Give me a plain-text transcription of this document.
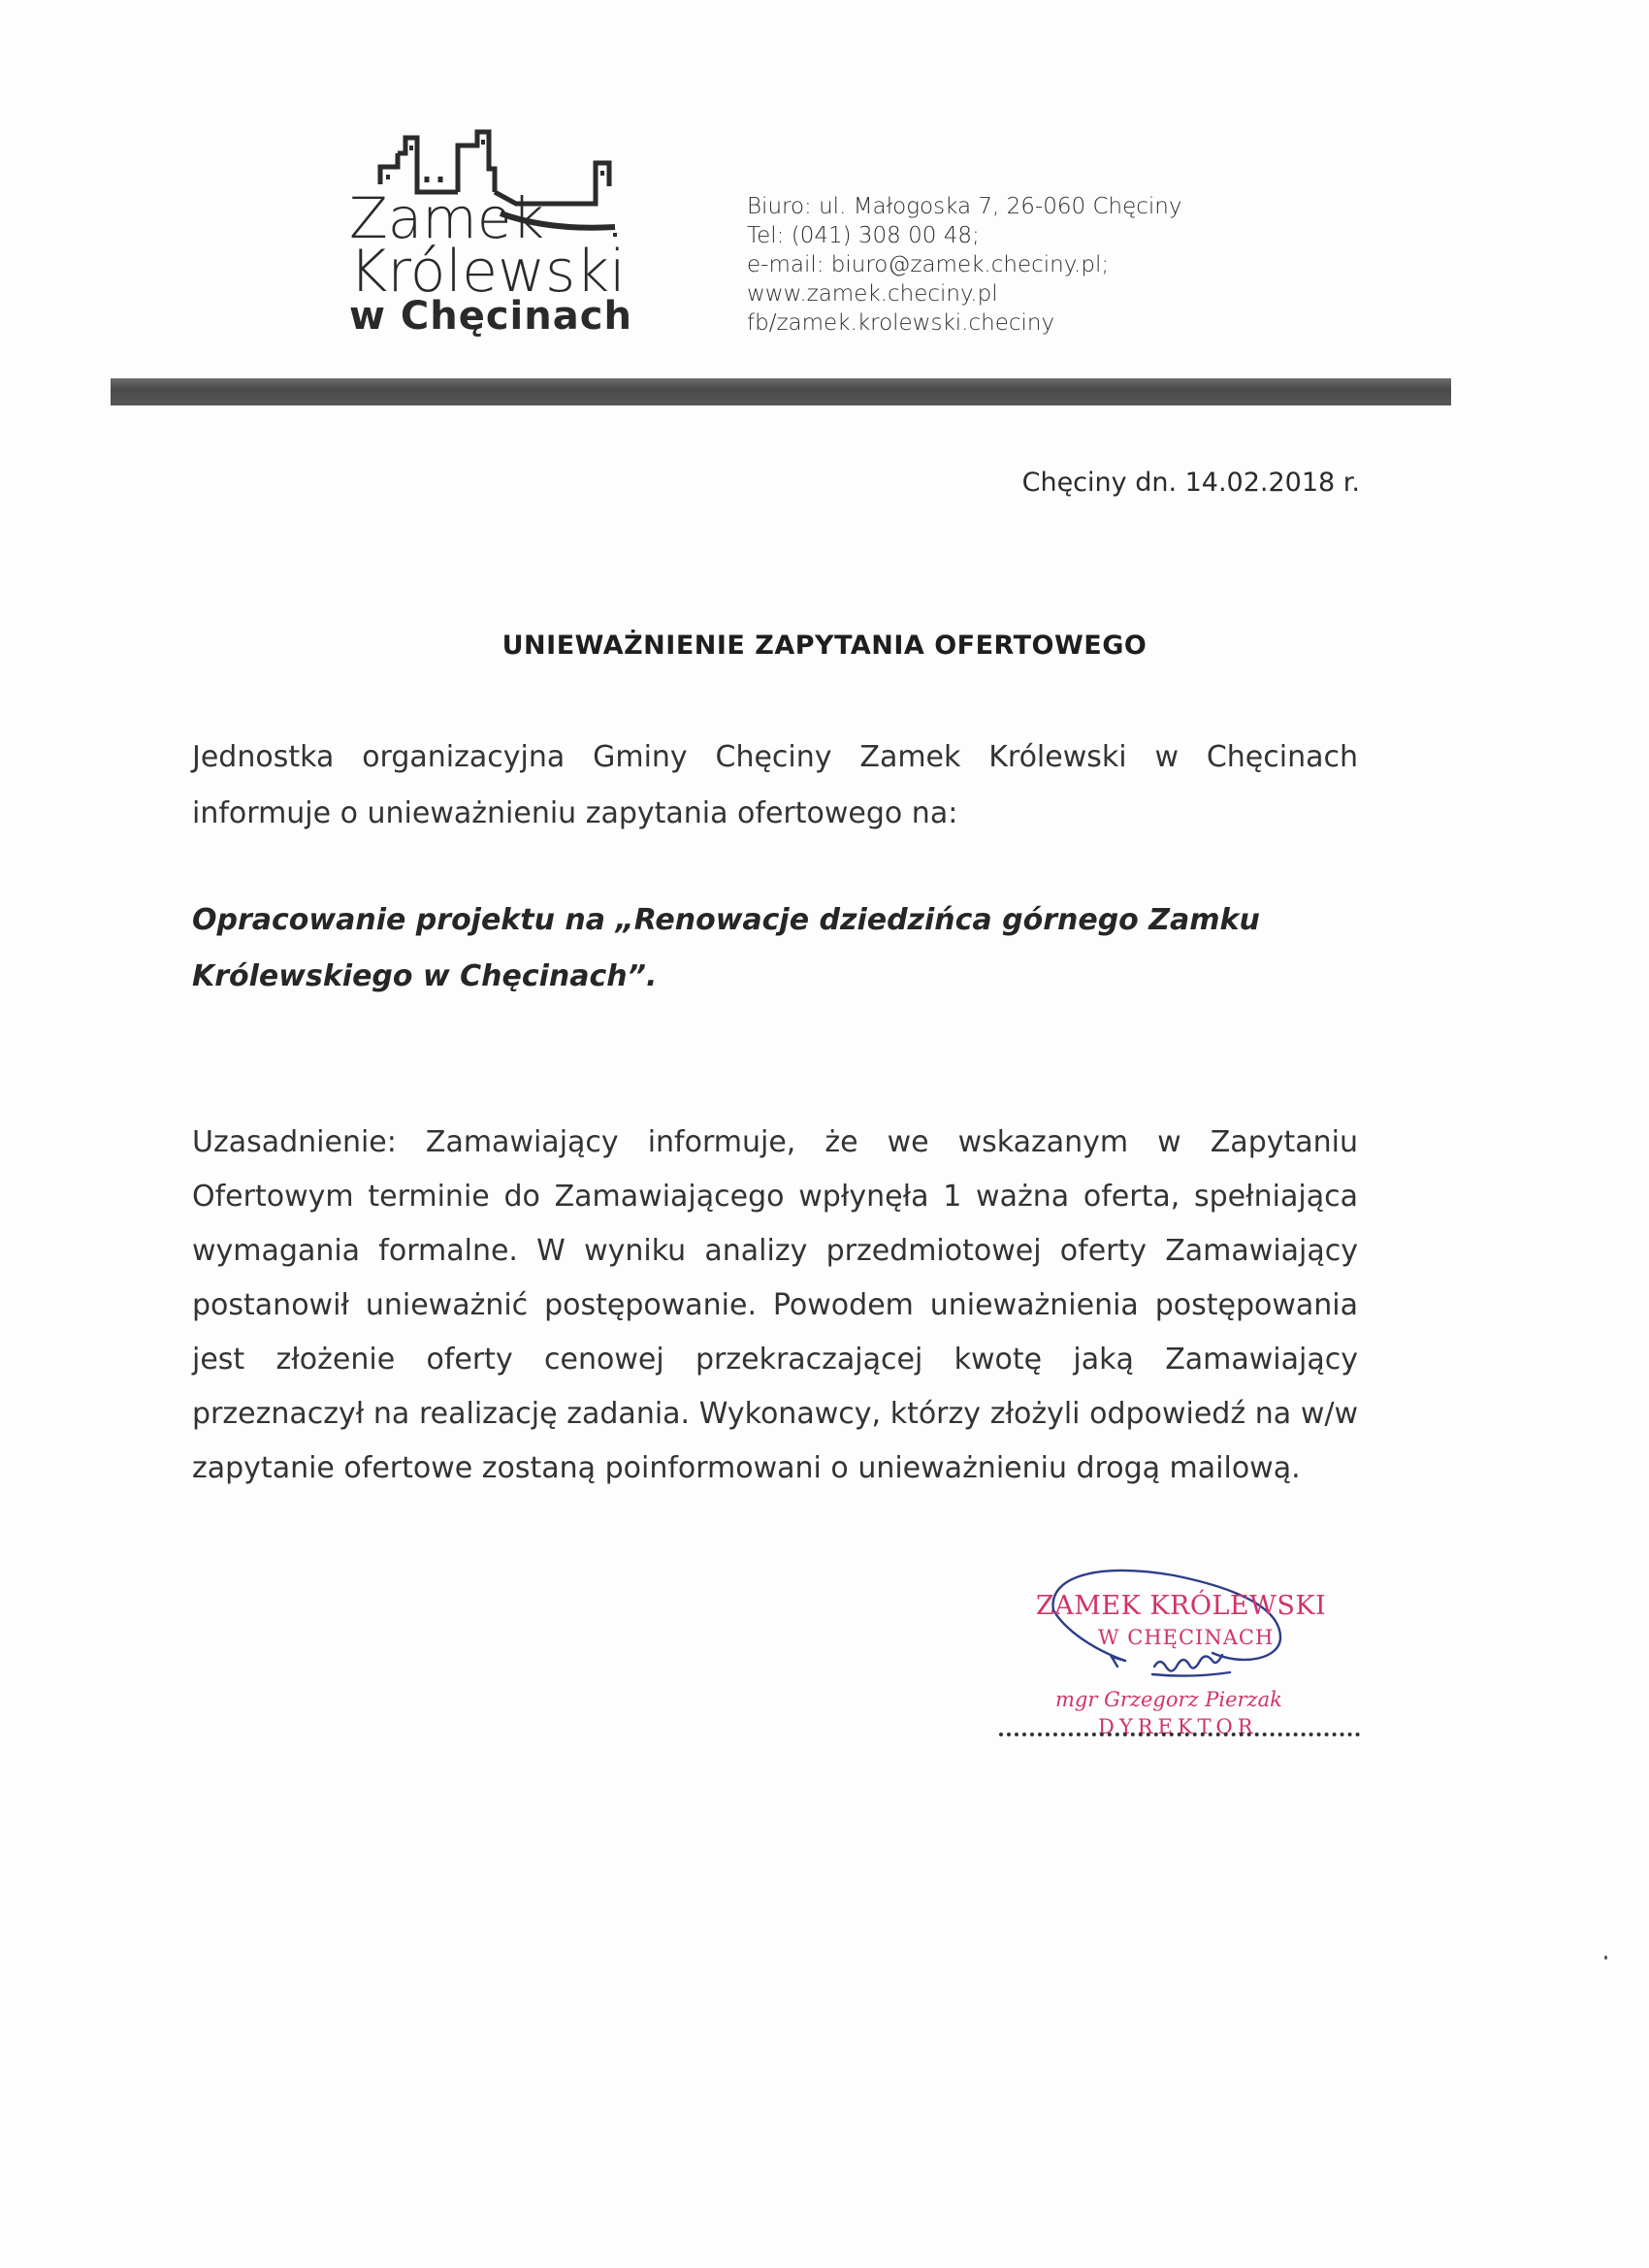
Zamek
Królewski
w Chęcinach
Biuro: ul. Małogoska 7, 26-060 Chęciny
Tel: (041) 308 00 48;
e-mail: biuro@zamek.checiny.pl;
www.zamek.checiny.pl
fb/zamek.krolewski.checiny
Chęciny dn. 14.02.2018 r.
UNIEWAŻNIENIE ZAPYTANIA OFERTOWEGO
Jednostka organizacyjna Gminy Chęciny Zamek Królewski w Chęcinach informuje o unieważnieniu zapytania ofertowego na:
Opracowanie projektu na „Renowacje dziedzińca górnego Zamku Królewskiego w Chęcinach”.
Uzasadnienie: Zamawiający informuje, że we wskazanym w Zapytaniu Ofertowym terminie do Zamawiającego wpłynęła 1 ważna oferta, spełniająca wymagania formalne. W wyniku analizy przedmiotowej oferty Zamawiający postanowił unieważnić postępowanie. Powodem unieważnienia postępowania jest złożenie oferty cenowej przekraczającej kwotę jaką Zamawiający przeznaczył na realizację zadania. Wykonawcy, którzy złożyli odpowiedź na w/w zapytanie ofertowe zostaną poinformowani o unieważnieniu drogą mailową.
ZAMEK KRÓLEWSKI
W CHĘCINACH
mgr Grzegorz Pierzak
DYREKTOR
